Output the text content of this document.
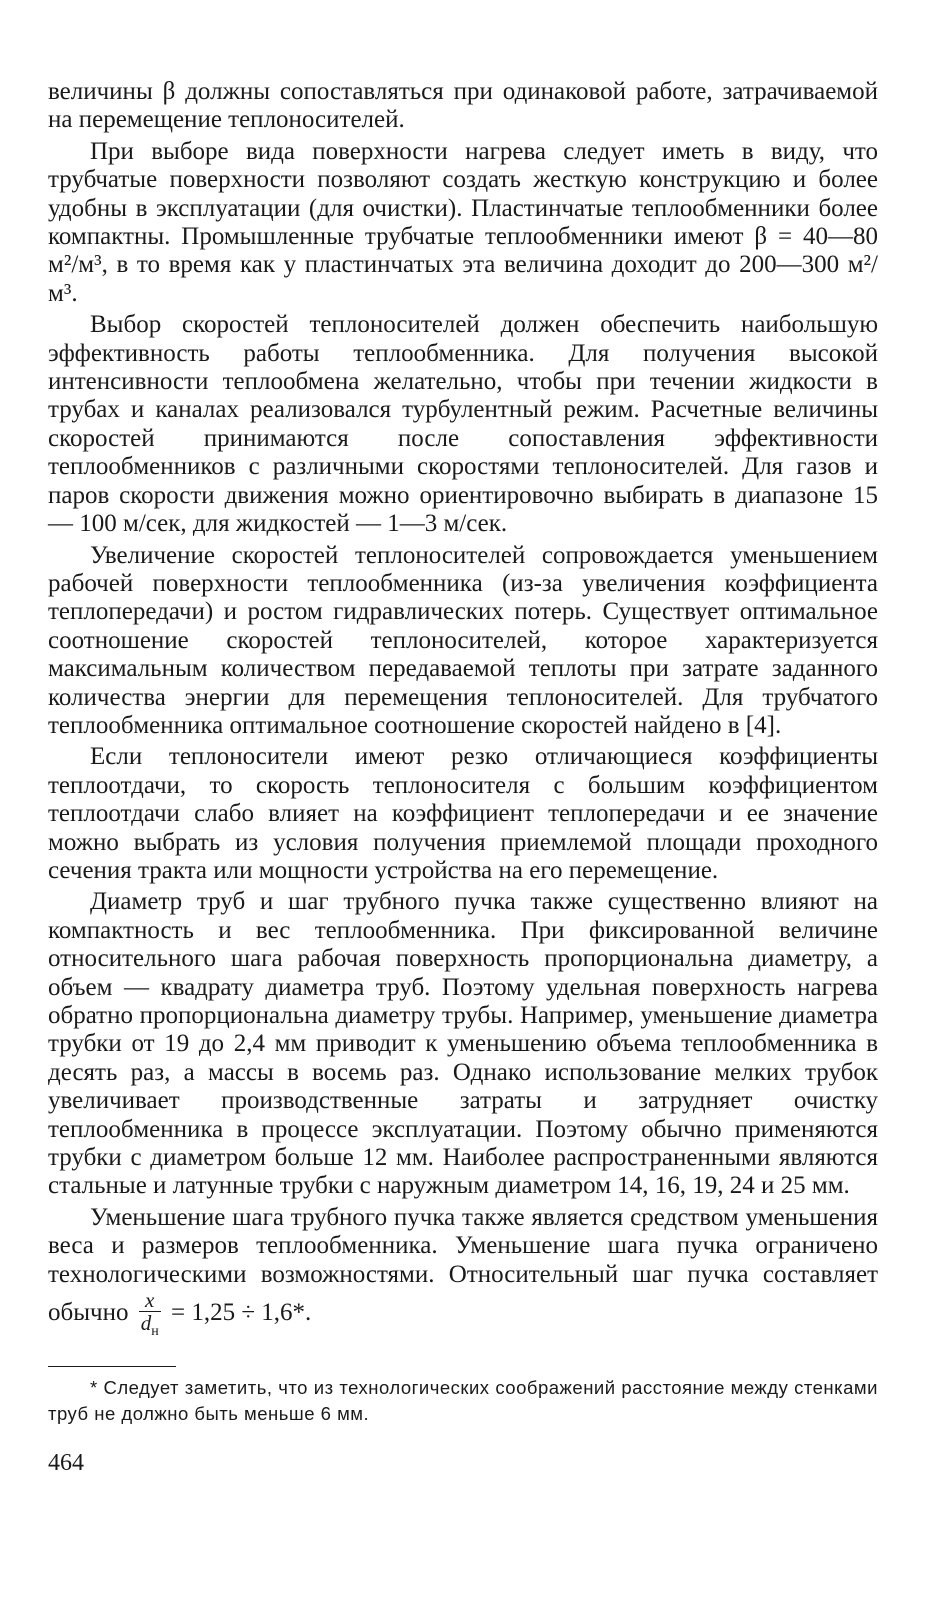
величины β должны сопоставляться при одинаковой работе, затрачиваемой на перемещение теплоносителей.

При выборе вида поверхности нагрева следует иметь в виду, что трубчатые поверхности позволяют создать жесткую конструкцию и более удобны в эксплуатации (для очистки). Пластинчатые теплообменники более компактны. Промышленные трубчатые теплообменники имеют β = 40—80 м²/м³, в то время как у пластинчатых эта величина доходит до 200—300 м²/м³.

Выбор скоростей теплоносителей должен обеспечить наибольшую эффективность работы теплообменника. Для получения высокой интенсивности теплообмена желательно, чтобы при течении жидкости в трубах и каналах реализовался турбулентный режим. Расчетные величины скоростей принимаются после сопоставления эффективности теплообменников с различными скоростями теплоносителей. Для газов и паров скорости движения можно ориентировочно выбирать в диапазоне 15 — 100 м/сек, для жидкостей — 1—3 м/сек.

Увеличение скоростей теплоносителей сопровождается уменьшением рабочей поверхности теплообменника (из-за увеличения коэффициента теплопередачи) и ростом гидравлических потерь. Существует оптимальное соотношение скоростей теплоносителей, которое характеризуется максимальным количеством передаваемой теплоты при затрате заданного количества энергии для перемещения теплоносителей. Для трубчатого теплообменника оптимальное соотношение скоростей найдено в [4].

Если теплоносители имеют резко отличающиеся коэффициенты теплоотдачи, то скорость теплоносителя с большим коэффициентом теплоотдачи слабо влияет на коэффициент теплопередачи и ее значение можно выбрать из условия получения приемлемой площади проходного сечения тракта или мощности устройства на его перемещение.

Диаметр труб и шаг трубного пучка также существенно влияют на компактность и вес теплообменника. При фиксированной величине относительного шага рабочая поверхность пропорциональна диаметру, а объем — квадрату диаметра труб. Поэтому удельная поверхность нагрева обратно пропорциональна диаметру трубы. Например, уменьшение диаметра трубки от 19 до 2,4 мм приводит к уменьшению объема теплообменника в десять раз, а массы в восемь раз. Однако использование мелких трубок увеличивает производственные затраты и затрудняет очистку теплообменника в процессе эксплуатации. Поэтому обычно применяются трубки с диаметром больше 12 мм. Наиболее распространенными являются стальные и латунные трубки с наружным диаметром 14, 16, 19, 24 и 25 мм.

Уменьшение шага трубного пучка также является средством уменьшения веса и размеров теплообменника. Уменьшение шага пучка ограничено технологическими возможностями. Относительный шаг пучка составляет обычно $\frac{x}{d_н} = 1,25 \div 1,6*$.

* Следует заметить, что из технологических соображений расстояние между стенками труб не должно быть меньше 6 мм.

464
